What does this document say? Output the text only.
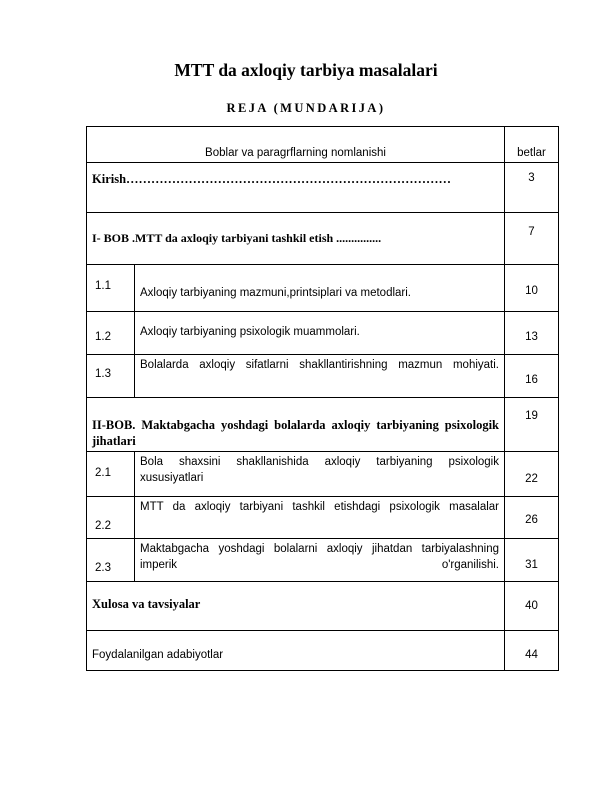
MTT da axloqiy tarbiya masalalari
REJA (MUNDARIJA)
Boblar va paragrflarning nomlanishi		betlar
Kirish……………………………………………………………………		3
I- BOB .MTT da axloqiy tarbiyani tashkil etish ...............		7
1.1	Axloqiy tarbiyaning mazmuni,printsiplari va metodlari.	10
1.2	Axloqiy tarbiyaning psixologik muammolari.	13
1.3	Bolalarda axloqiy sifatlarni shakllantirishning mazmun mohiyati.	16
II-BOB. Maktabgacha yoshdagi bolalarda axloqiy tarbiyaning psixologik jihatlari		19
2.1	Bola shaxsini shakllanishida axloqiy tarbiyaning psixologik xususiyatlari	22
2.2	MTT da axloqiy tarbiyani tashkil etishdagi psixologik masalalar	26
2.3	Maktabgacha yoshdagi bolalarni axloqiy jihatdan tarbiyalashning imperik o'rganilishi.	31
Xulosa va tavsiyalar		40
Foydalanilgan adabiyotlar		44
